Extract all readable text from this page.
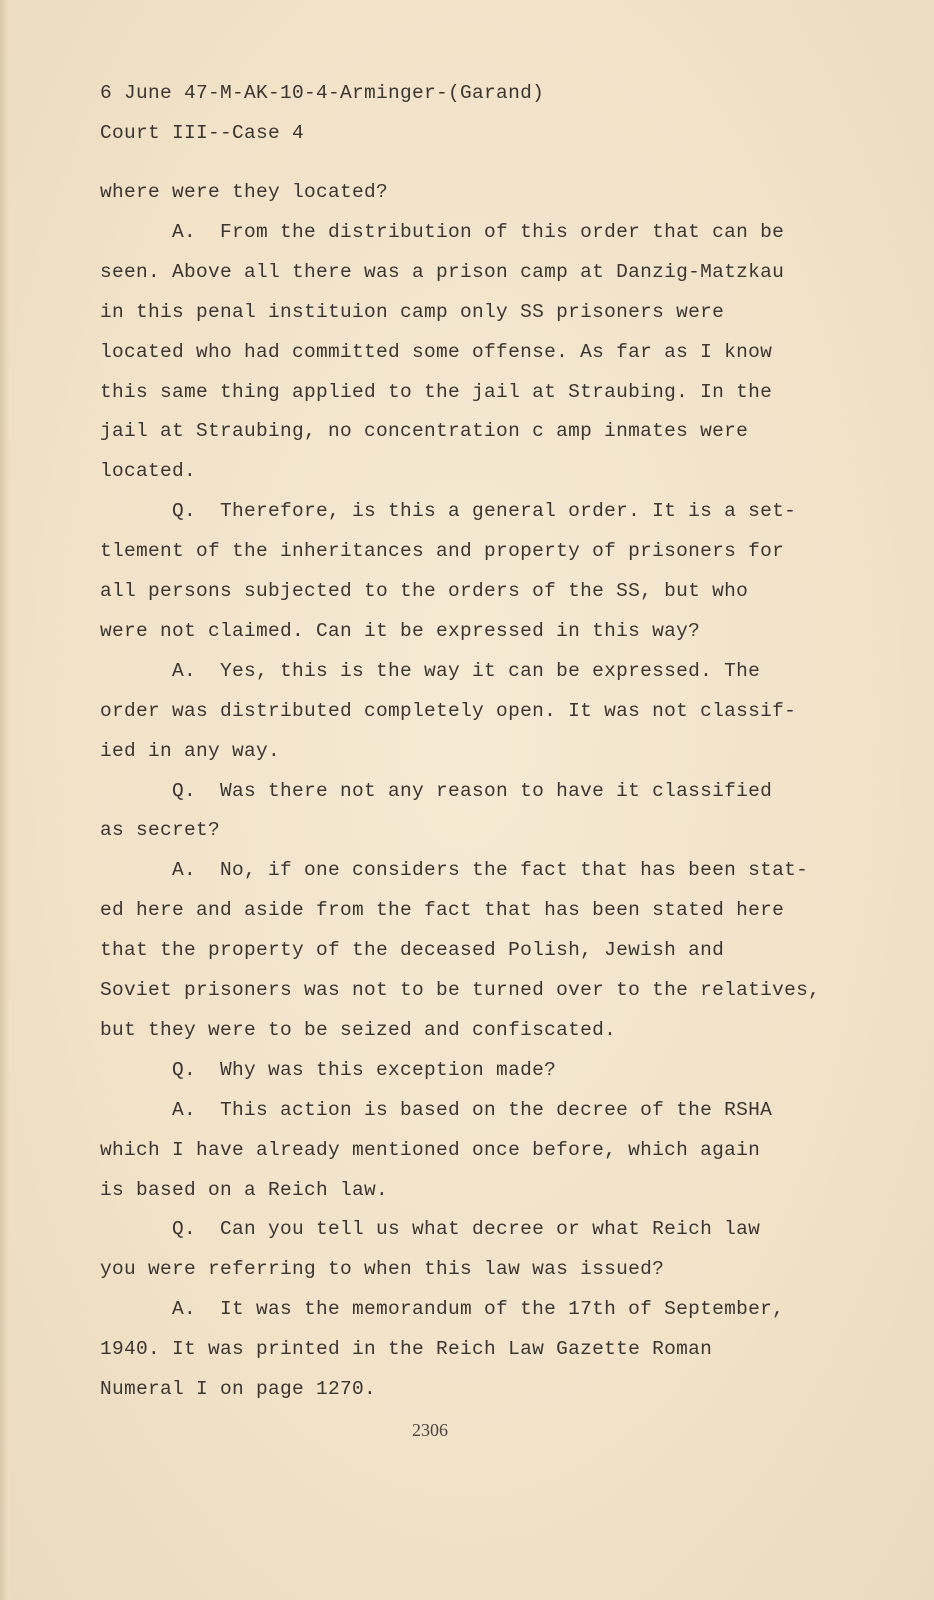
6 June 47-M-AK-10-4-Arminger-(Garand)
Court III--Case 4
where were they located?
A.  From the distribution of this order that can be
seen. Above all there was a prison camp at Danzig-Matzkau
in this penal instituion camp only SS prisoners were
located who had committed some offense. As far as I know
this same thing applied to the jail at Straubing. In the
jail at Straubing, no concentration c amp inmates were
located.
Q.  Therefore, is this a general order. It is a set-
tlement of the inheritances and property of prisoners for
all persons subjected to the orders of the SS, but who
were not claimed. Can it be expressed in this way?
A.  Yes, this is the way it can be expressed. The
order was distributed completely open. It was not classif-
ied in any way.
Q.  Was there not any reason to have it classified
as secret?
A.  No, if one considers the fact that has been stat-
ed here and aside from the fact that has been stated here
that the property of the deceased Polish, Jewish and
Soviet prisoners was not to be turned over to the relatives,
but they were to be seized and confiscated.
Q.  Why was this exception made?
A.  This action is based on the decree of the RSHA
which I have already mentioned once before, which again
is based on a Reich law.
Q.  Can you tell us what decree or what Reich law
you were referring to when this law was issued?
A.  It was the memorandum of the 17th of September,
1940. It was printed in the Reich Law Gazette Roman
Numeral I on page 1270.
2306
